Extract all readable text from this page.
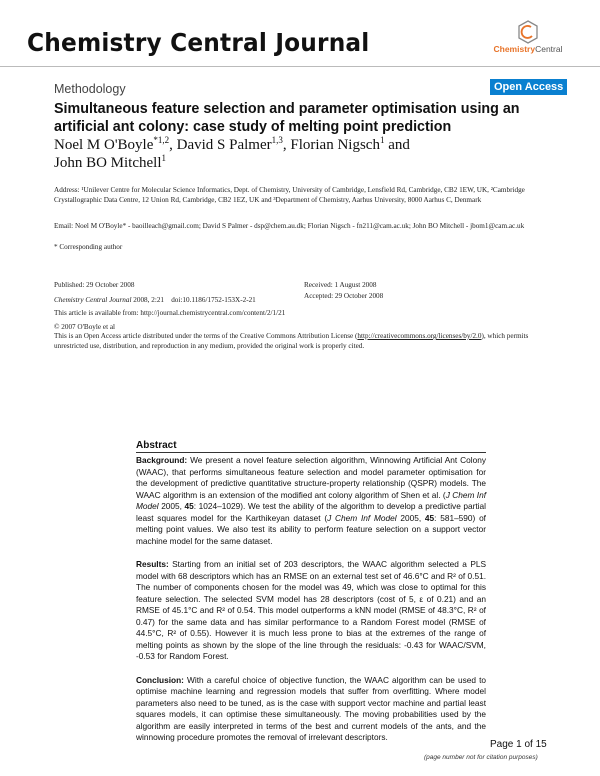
Chemistry Central Journal	ChemistryCentral
Methodology	Open Access
Simultaneous feature selection and parameter optimisation using an artificial ant colony: case study of melting point prediction
Noel M O'Boyle$^{*1,2}$, David S Palmer$^{1,3}$, Florian Nigsch$^1$ and
John BO Mitchell$^1$
Address: ¹Unilever Centre for Molecular Science Informatics, Dept. of Chemistry, University of Cambridge, Lensfield Rd, Cambridge, CB2 1EW, UK, ²Cambridge Crystallographic Data Centre, 12 Union Rd, Cambridge, CB2 1EZ, UK and ³Department of Chemistry, Aarhus University, 8000 Aarhus C, Denmark
Email: Noel M O'Boyle* - baoilleach@gmail.com; David S Palmer - dsp@chem.au.dk; Florian Nigsch - fn211@cam.ac.uk; John BO Mitchell - jbom1@cam.ac.uk
* Corresponding author
Published: 29 October 2008
Chemistry Central Journal 2008, 2:21    doi:10.1186/1752-153X-2-21
Received: 1 August 2008
Accepted: 29 October 2008
This article is available from: http://journal.chemistrycentral.com/content/2/1/21
© 2007 O'Boyle et al
This is an Open Access article distributed under the terms of the Creative Commons Attribution License (http://creativecommons.org/licenses/by/2.0), which permits unrestricted use, distribution, and reproduction in any medium, provided the original work is properly cited.
Abstract

Background: We present a novel feature selection algorithm, Winnowing Artificial Ant Colony (WAAC), that performs simultaneous feature selection and model parameter optimisation for the development of predictive quantitative structure-property relationship (QSPR) models. The WAAC algorithm is an extension of the modified ant colony algorithm of Shen et al. (J Chem Inf Model 2005, 45: 1024–1029). We test the ability of the algorithm to develop a predictive partial least squares model for the Karthikeyan dataset (J Chem Inf Model 2005, 45: 581–590) of melting point values. We also test its ability to perform feature selection on a support vector machine model for the same dataset.

Results: Starting from an initial set of 203 descriptors, the WAAC algorithm selected a PLS model with 68 descriptors which has an RMSE on an external test set of 46.6°C and R² of 0.51. The number of components chosen for the model was 49, which was close to optimal for this feature selection. The selected SVM model has 28 descriptors (cost of 5, ε of 0.21) and an RMSE of 45.1°C and R² of 0.54. This model outperforms a kNN model (RMSE of 48.3°C, R² of 0.47) for the same data and has similar performance to a Random Forest model (RMSE of 44.5°C, R² of 0.55). However it is much less prone to bias at the extremes of the range of melting points as shown by the slope of the line through the residuals: -0.43 for WAAC/SVM, -0.53 for Random Forest.

Conclusion: With a careful choice of objective function, the WAAC algorithm can be used to optimise machine learning and regression models that suffer from overfitting. Where model parameters also need to be tuned, as is the case with support vector machine and partial least squares models, it can optimise these simultaneously. The moving probabilities used by the algorithm are easily interpreted in terms of the best and current models of the ants, and the winnowing procedure promotes the removal of irrelevant descriptors.

Page 1 of 15
(page number not for citation purposes)
